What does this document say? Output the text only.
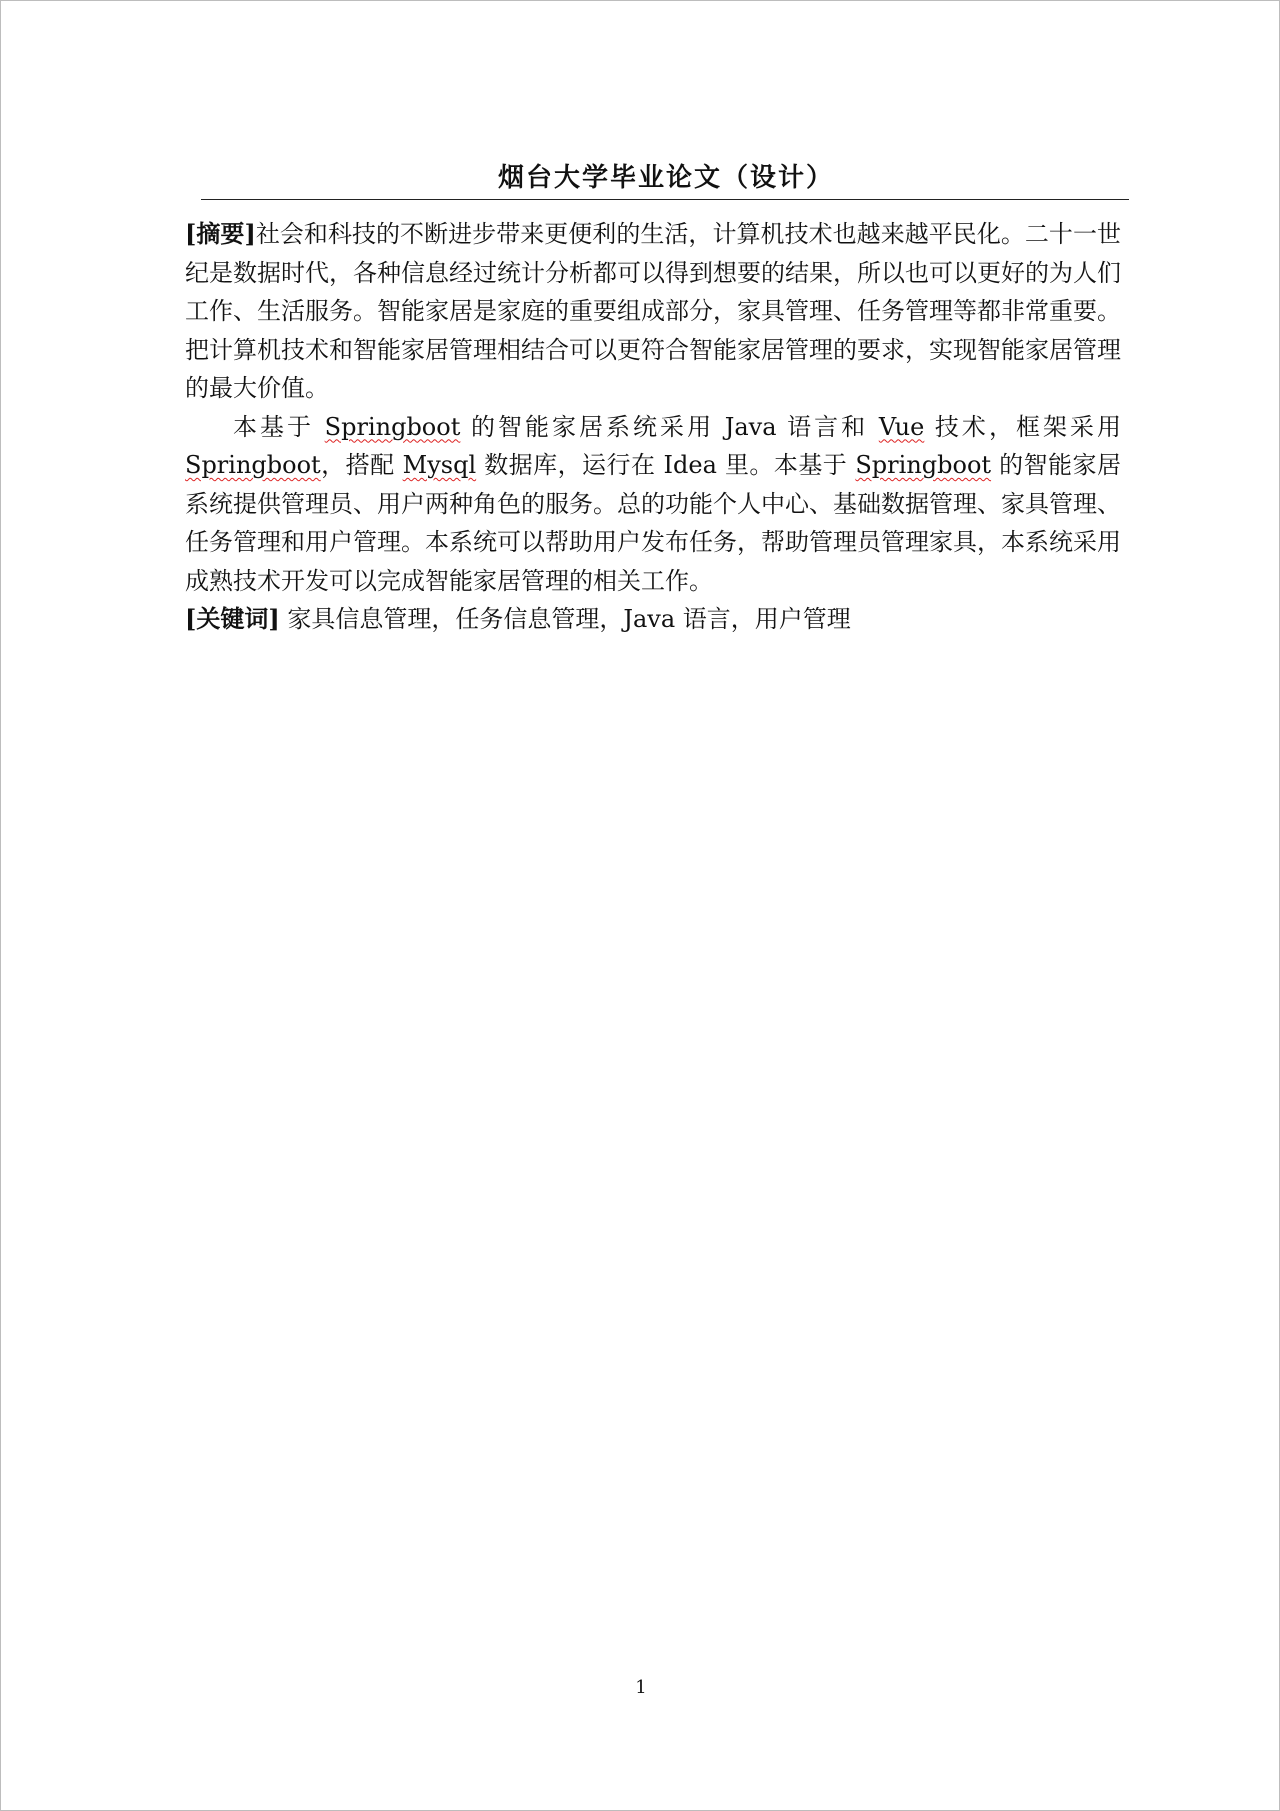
烟台大学毕业论文（设计）

[摘要]社会和科技的不断进步带来更便利的生活，计算机技术也越来越平民化。二十一世纪是数据时代，各种信息经过统计分析都可以得到想要的结果，所以也可以更好的为人们工作、生活服务。智能家居是家庭的重要组成部分，家具管理、任务管理等都非常重要。把计算机技术和智能家居管理相结合可以更符合智能家居管理的要求，实现智能家居管理的最大价值。

本基于 Springboot 的智能家居系统采用 Java 语言和 Vue 技术，框架采用 Springboot，搭配 Mysql 数据库，运行在 Idea 里。本基于 Springboot 的智能家居系统提供管理员、用户两种角色的服务。总的功能个人中心、基础数据管理、家具管理、任务管理和用户管理。本系统可以帮助用户发布任务，帮助管理员管理家具，本系统采用成熟技术开发可以完成智能家居管理的相关工作。

[关键词] 家具信息管理，任务信息管理，Java 语言，用户管理

1
